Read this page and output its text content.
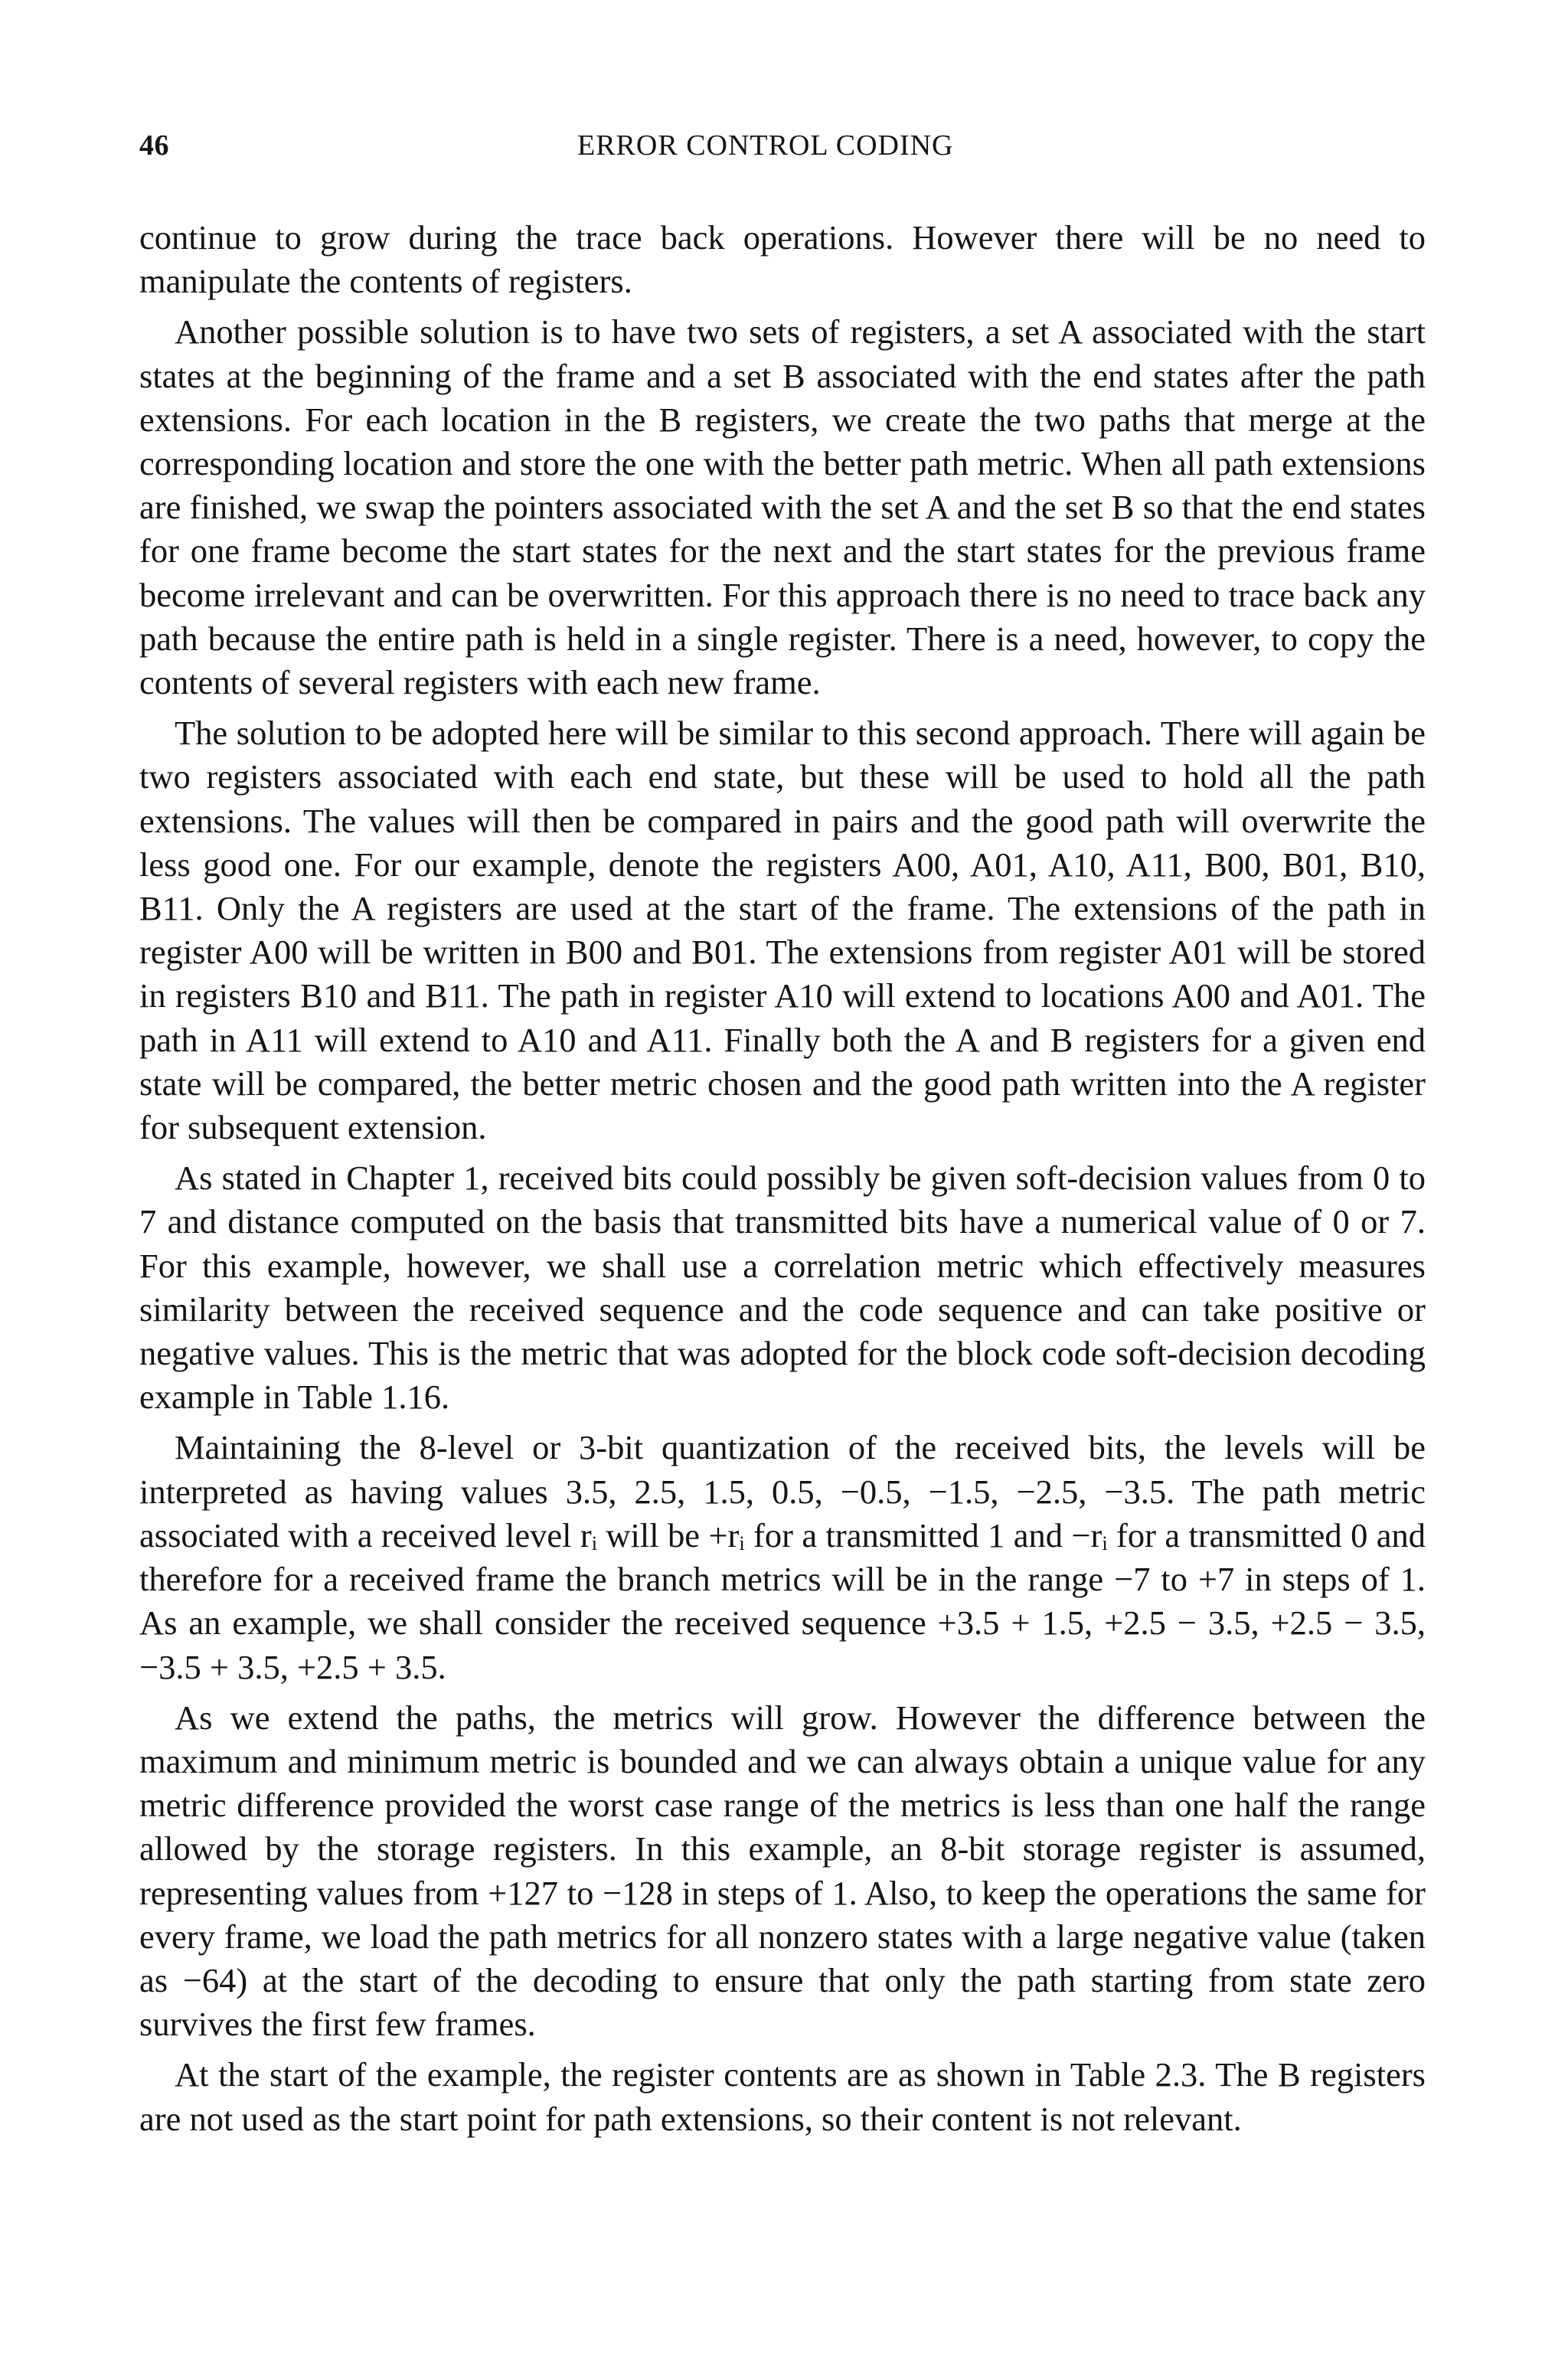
46	ERROR CONTROL CODING

continue to grow during the trace back operations. However there will be no need to manipulate the contents of registers.

Another possible solution is to have two sets of registers, a set A associated with the start states at the beginning of the frame and a set B associated with the end states after the path extensions. For each location in the B registers, we create the two paths that merge at the corresponding location and store the one with the better path metric. When all path extensions are finished, we swap the pointers associated with the set A and the set B so that the end states for one frame become the start states for the next and the start states for the previous frame become irrelevant and can be overwritten. For this approach there is no need to trace back any path because the entire path is held in a single register. There is a need, however, to copy the contents of several registers with each new frame.

The solution to be adopted here will be similar to this second approach. There will again be two registers associated with each end state, but these will be used to hold all the path extensions. The values will then be compared in pairs and the good path will overwrite the less good one. For our example, denote the registers A00, A01, A10, A11, B00, B01, B10, B11. Only the A registers are used at the start of the frame. The extensions of the path in register A00 will be written in B00 and B01. The extensions from register A01 will be stored in registers B10 and B11. The path in register A10 will extend to locations A00 and A01. The path in A11 will extend to A10 and A11. Finally both the A and B registers for a given end state will be compared, the better metric chosen and the good path written into the A register for subsequent extension.

As stated in Chapter 1, received bits could possibly be given soft-decision values from 0 to 7 and distance computed on the basis that transmitted bits have a numerical value of 0 or 7. For this example, however, we shall use a correlation metric which effectively measures similarity between the received sequence and the code sequence and can take positive or negative values. This is the metric that was adopted for the block code soft-decision decoding example in Table 1.16.

Maintaining the 8-level or 3-bit quantization of the received bits, the levels will be interpreted as having values 3.5, 2.5, 1.5, 0.5, −0.5, −1.5, −2.5, −3.5. The path metric associated with a received level rᵢ will be +rᵢ for a transmitted 1 and −rᵢ for a transmitted 0 and therefore for a received frame the branch metrics will be in the range −7 to +7 in steps of 1. As an example, we shall consider the received sequence +3.5 + 1.5, +2.5 − 3.5, +2.5 − 3.5, −3.5 + 3.5, +2.5 + 3.5.

As we extend the paths, the metrics will grow. However the difference between the maximum and minimum metric is bounded and we can always obtain a unique value for any metric difference provided the worst case range of the metrics is less than one half the range allowed by the storage registers. In this example, an 8-bit storage register is assumed, representing values from +127 to −128 in steps of 1. Also, to keep the operations the same for every frame, we load the path metrics for all nonzero states with a large negative value (taken as −64) at the start of the decoding to ensure that only the path starting from state zero survives the first few frames.

At the start of the example, the register contents are as shown in Table 2.3. The B registers are not used as the start point for path extensions, so their content is not relevant.
